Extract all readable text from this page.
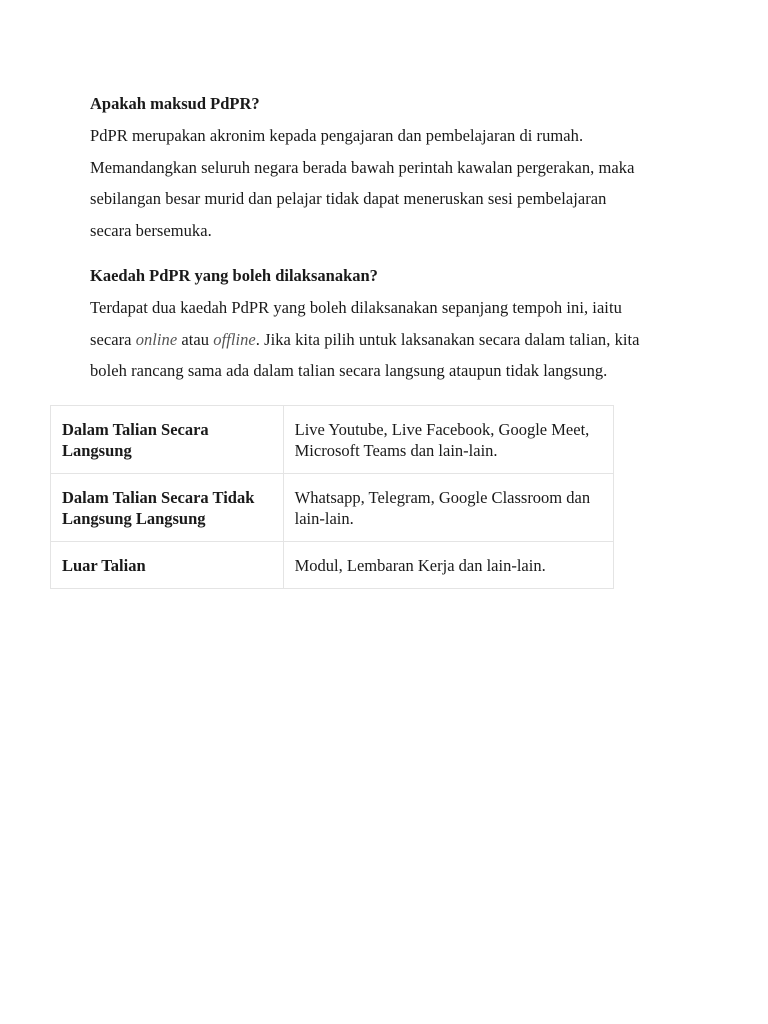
Apakah maksud PdPR?

PdPR merupakan akronim kepada pengajaran dan pembelajaran di rumah.
Memandangkan seluruh negara berada bawah perintah kawalan pergerakan, maka
sebilangan besar murid dan pelajar tidak dapat meneruskan sesi pembelajaran
secara bersemuka.

Kaedah PdPR yang boleh dilaksanakan?

Terdapat dua kaedah PdPR yang boleh dilaksanakan sepanjang tempoh ini, iaitu
secara online atau offline. Jika kita pilih untuk laksanakan secara dalam talian, kita
boleh rancang sama ada dalam talian secara langsung ataupun tidak langsung.

Dalam Talian Secara Langsung	Live Youtube, Live Facebook, Google Meet, Microsoft Teams dan lain-lain.
Dalam Talian Secara Tidak Langsung Langsung	Whatsapp, Telegram, Google Classroom dan lain-lain.
Luar Talian	Modul, Lembaran Kerja dan lain-lain.
